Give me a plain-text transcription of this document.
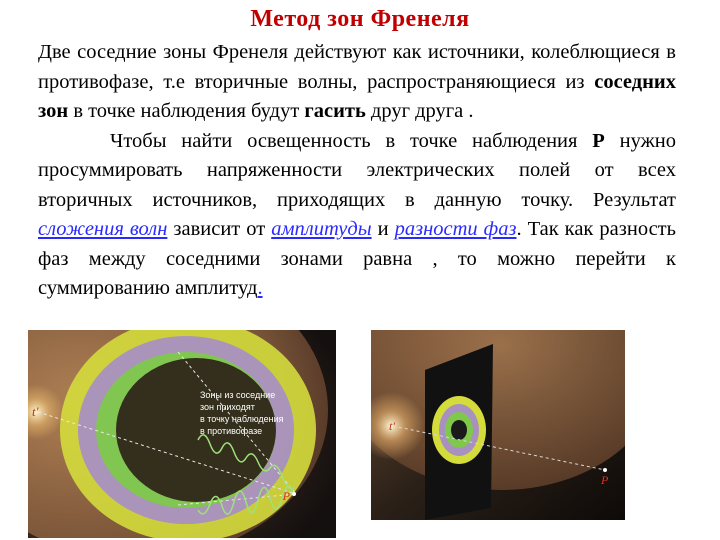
Метод зон Френеля

Две соседние зоны Френеля действуют как источники, колеблющиеся в противофазе, т.е вторичные волны, распространяющиеся из соседних зон в точке наблюдения будут гасить друг друга .

Чтобы найти освещенность в точке наблюдения Р нужно просуммировать напряженности электрических полей от всех вторичных источников, приходящих в данную точку. Результат сложения волн зависит от амплитуды и разности фаз. Так как разность фаз между соседними зонами равна , то можно перейти к суммированию амплитуд.

t'
P
Зоны из соседние зон приходят в точку наблюдения в противофазе	t'
P
